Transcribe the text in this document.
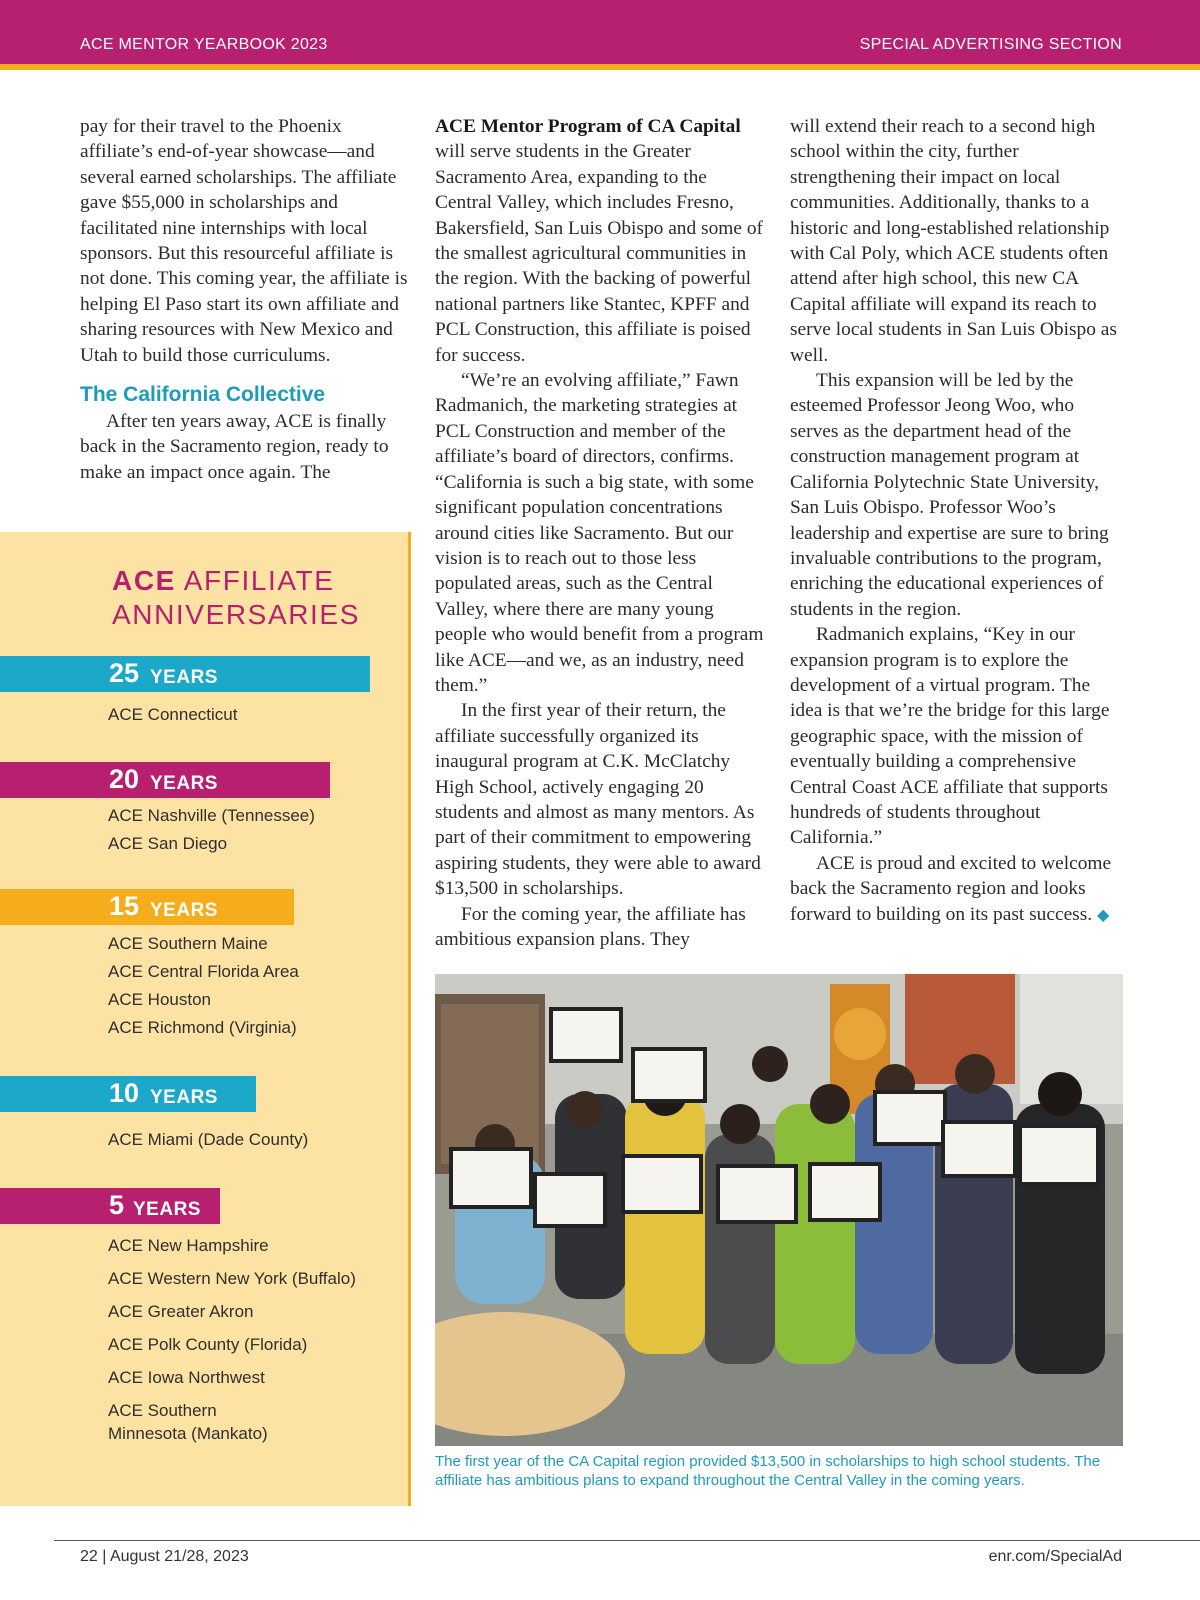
ACE MENTOR YEARBOOK 2023	SPECIAL ADVERTISING SECTION

pay for their travel to the Phoenix affiliate’s end-of-year showcase—and several earned scholarships. The affiliate gave $55,000 in scholarships and facilitated nine internships with local sponsors. But this resourceful affiliate is not done. This coming year, the affiliate is helping El Paso start its own affiliate and sharing resources with New Mexico and Utah to build those curriculums.

The California Collective

After ten years away, ACE is finally back in the Sacramento region, ready to make an impact once again. The

ACE Mentor Program of CA Capital will serve students in the Greater Sacramento Area, expanding to the Central Valley, which includes Fresno, Bakersfield, San Luis Obispo and some of the smallest agricultural communities in the region. With the backing of powerful national partners like Stantec, KPFF and PCL Construction, this affiliate is poised for success.

“We’re an evolving affiliate,” Fawn Radmanich, the marketing strategies at PCL Construction and member of the affiliate’s board of directors, confirms. “California is such a big state, with some significant population concentrations around cities like Sacramento. But our vision is to reach out to those less populated areas, such as the Central Valley, where there are many young people who would benefit from a program like ACE—and we, as an industry, need them.”

In the first year of their return, the affiliate successfully organized its inaugural program at C.K. McClatchy High School, actively engaging 20 students and almost as many mentors. As part of their commitment to empowering aspiring students, they were able to award $13,500 in scholarships.

For the coming year, the affiliate has ambitious expansion plans. They

will extend their reach to a second high school within the city, further strengthening their impact on local communities. Additionally, thanks to a historic and long-established relationship with Cal Poly, which ACE students often attend after high school, this new CA Capital affiliate will expand its reach to serve local students in San Luis Obispo as well.

This expansion will be led by the esteemed Professor Jeong Woo, who serves as the department head of the construction management program at California Polytechnic State University, San Luis Obispo. Professor Woo’s leadership and expertise are sure to bring invaluable contributions to the program, enriching the educational experiences of students in the region.

Radmanich explains, “Key in our expansion program is to explore the development of a virtual program. The idea is that we’re the bridge for this large geographic space, with the mission of eventually building a comprehensive Central Coast ACE affiliate that supports hundreds of students throughout California.”

ACE is proud and excited to welcome back the Sacramento region and looks forward to building on its past success. ◆

ACE AFFILIATE
ANNIVERSARIES
25 YEARS
ACE Connecticut
20 YEARS
ACE Nashville (Tennessee)
ACE San Diego
15 YEARS
ACE Southern Maine
ACE Central Florida Area
ACE Houston
ACE Richmond (Virginia)
10 YEARS
ACE Miami (Dade County)
5 YEARS
ACE New Hampshire
ACE Western New York (Buffalo)
ACE Greater Akron
ACE Polk County (Florida)
ACE Iowa Northwest
ACE Southern
Minnesota (Mankato)
The first year of the CA Capital region provided $13,500 in scholarships to high school students. The affiliate has ambitious plans to expand throughout the Central Valley in the coming years.
22 | August 21/28, 2023	enr.com/SpecialAd
